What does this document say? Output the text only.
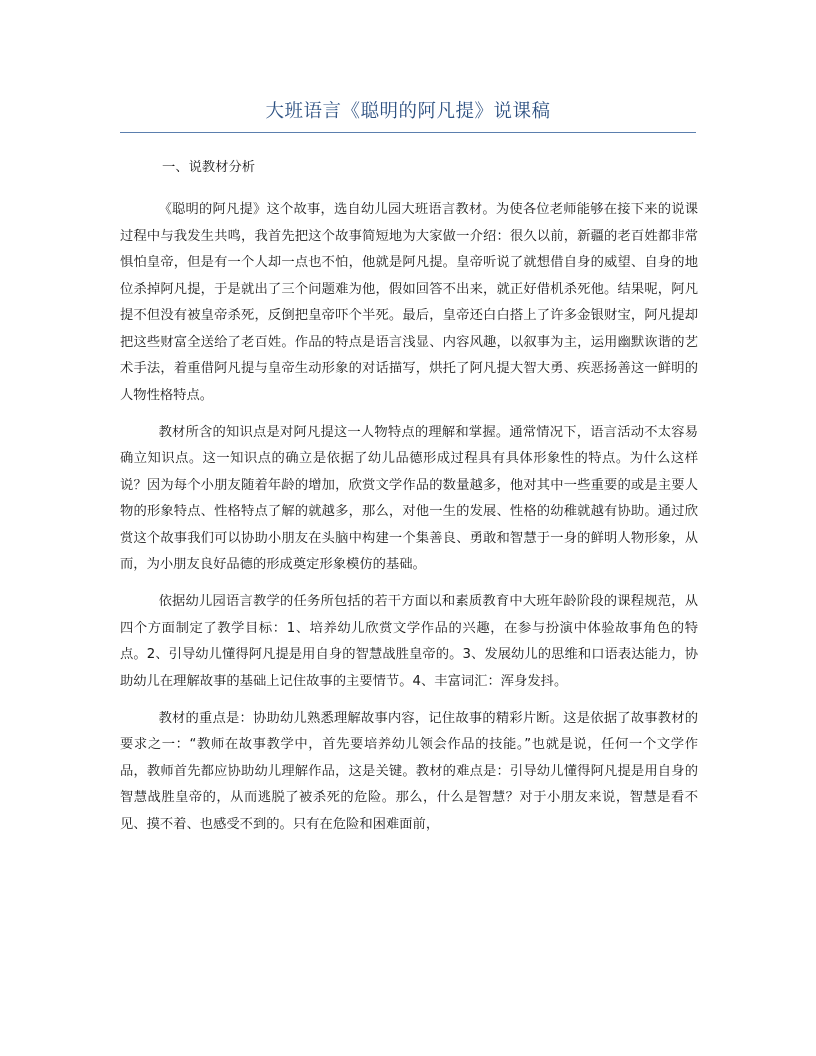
大班语言《聪明的阿凡提》说课稿
一、说教材分析

《聪明的阿凡提》这个故事，选自幼儿园大班语言教材。为使各位老师能够在接下来的说课过程中与我发生共鸣，我首先把这个故事简短地为大家做一介绍：很久以前，新疆的老百姓都非常惧怕皇帝，但是有一个人却一点也不怕，他就是阿凡提。皇帝听说了就想借自身的威望、自身的地位杀掉阿凡提，于是就出了三个问题难为他，假如回答不出来，就正好借机杀死他。结果呢，阿凡提不但没有被皇帝杀死，反倒把皇帝吓个半死。最后，皇帝还白白搭上了许多金银财宝，阿凡提却把这些财富全送给了老百姓。作品的特点是语言浅显、内容风趣，以叙事为主，运用幽默诙谐的艺术手法，着重借阿凡提与皇帝生动形象的对话描写，烘托了阿凡提大智大勇、疾恶扬善这一鲜明的人物性格特点。

教材所含的知识点是对阿凡提这一人物特点的理解和掌握。通常情况下，语言活动不太容易确立知识点。这一知识点的确立是依据了幼儿品德形成过程具有具体形象性的特点。为什么这样说？因为每个小朋友随着年龄的增加，欣赏文学作品的数量越多，他对其中一些重要的或是主要人物的形象特点、性格特点了解的就越多，那么，对他一生的发展、性格的幼稚就越有协助。通过欣赏这个故事我们可以协助小朋友在头脑中构建一个集善良、勇敢和智慧于一身的鲜明人物形象，从而，为小朋友良好品德的形成奠定形象模仿的基础。

依据幼儿园语言教学的任务所包括的若干方面以和素质教育中大班年龄阶段的课程规范，从四个方面制定了教学目标：1、培养幼儿欣赏文学作品的兴趣，在参与扮演中体验故事角色的特点。2、引导幼儿懂得阿凡提是用自身的智慧战胜皇帝的。3、发展幼儿的思维和口语表达能力，协助幼儿在理解故事的基础上记住故事的主要情节。4、丰富词汇：浑身发抖。

教材的重点是：协助幼儿熟悉理解故事内容，记住故事的精彩片断。这是依据了故事教材的要求之一：“教师在故事教学中，首先要培养幼儿领会作品的技能。”也就是说，任何一个文学作品，教师首先都应协助幼儿理解作品，这是关键。教材的难点是：引导幼儿懂得阿凡提是用自身的智慧战胜皇帝的，从而逃脱了被杀死的危险。那么，什么是智慧？对于小朋友来说，智慧是看不见、摸不着、也感受不到的。只有在危险和困难面前，
